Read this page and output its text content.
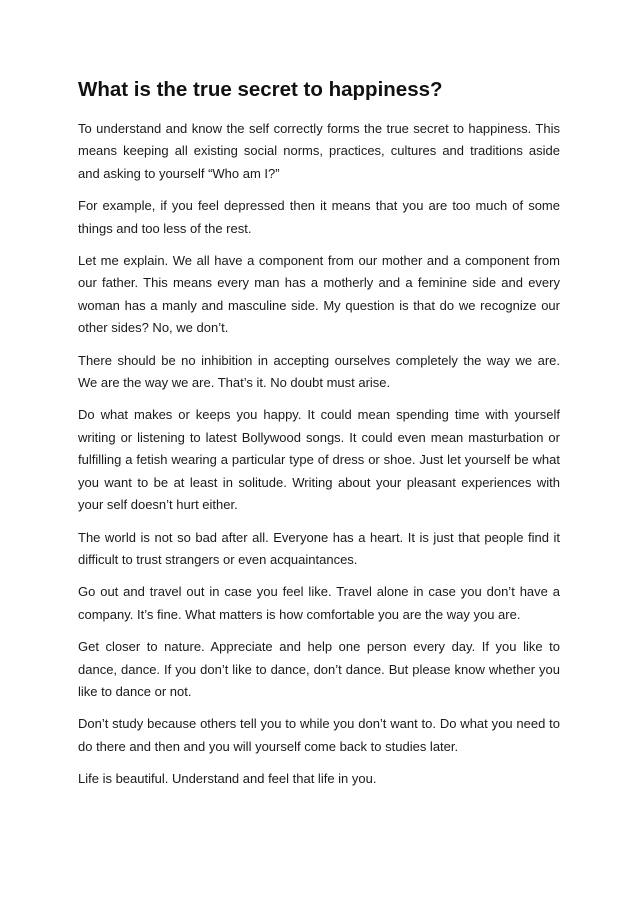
What is the true secret to happiness?

To understand and know the self correctly forms the true secret to happiness. This means keeping all existing social norms, practices, cultures and traditions aside and asking to yourself “Who am I?”

For example, if you feel depressed then it means that you are too much of some things and too less of the rest.

Let me explain. We all have a component from our mother and a component from our father. This means every man has a motherly and a feminine side and every woman has a manly and masculine side. My question is that do we recognize our other sides? No, we don’t.

There should be no inhibition in accepting ourselves completely the way we are. We are the way we are. That’s it. No doubt must arise.

Do what makes or keeps you happy. It could mean spending time with yourself writing or listening to latest Bollywood songs. It could even mean masturbation or fulfilling a fetish wearing a particular type of dress or shoe. Just let yourself be what you want to be at least in solitude. Writing about your pleasant experiences with your self doesn’t hurt either.

The world is not so bad after all. Everyone has a heart. It is just that people find it difficult to trust strangers or even acquaintances.

Go out and travel out in case you feel like. Travel alone in case you don’t have a company. It’s fine. What matters is how comfortable you are the way you are.

Get closer to nature. Appreciate and help one person every day. If you like to dance, dance. If you don’t like to dance, don’t dance. But please know whether you like to dance or not.

Don’t study because others tell you to while you don’t want to. Do what you need to do there and then and you will yourself come back to studies later.

Life is beautiful. Understand and feel that life in you.
